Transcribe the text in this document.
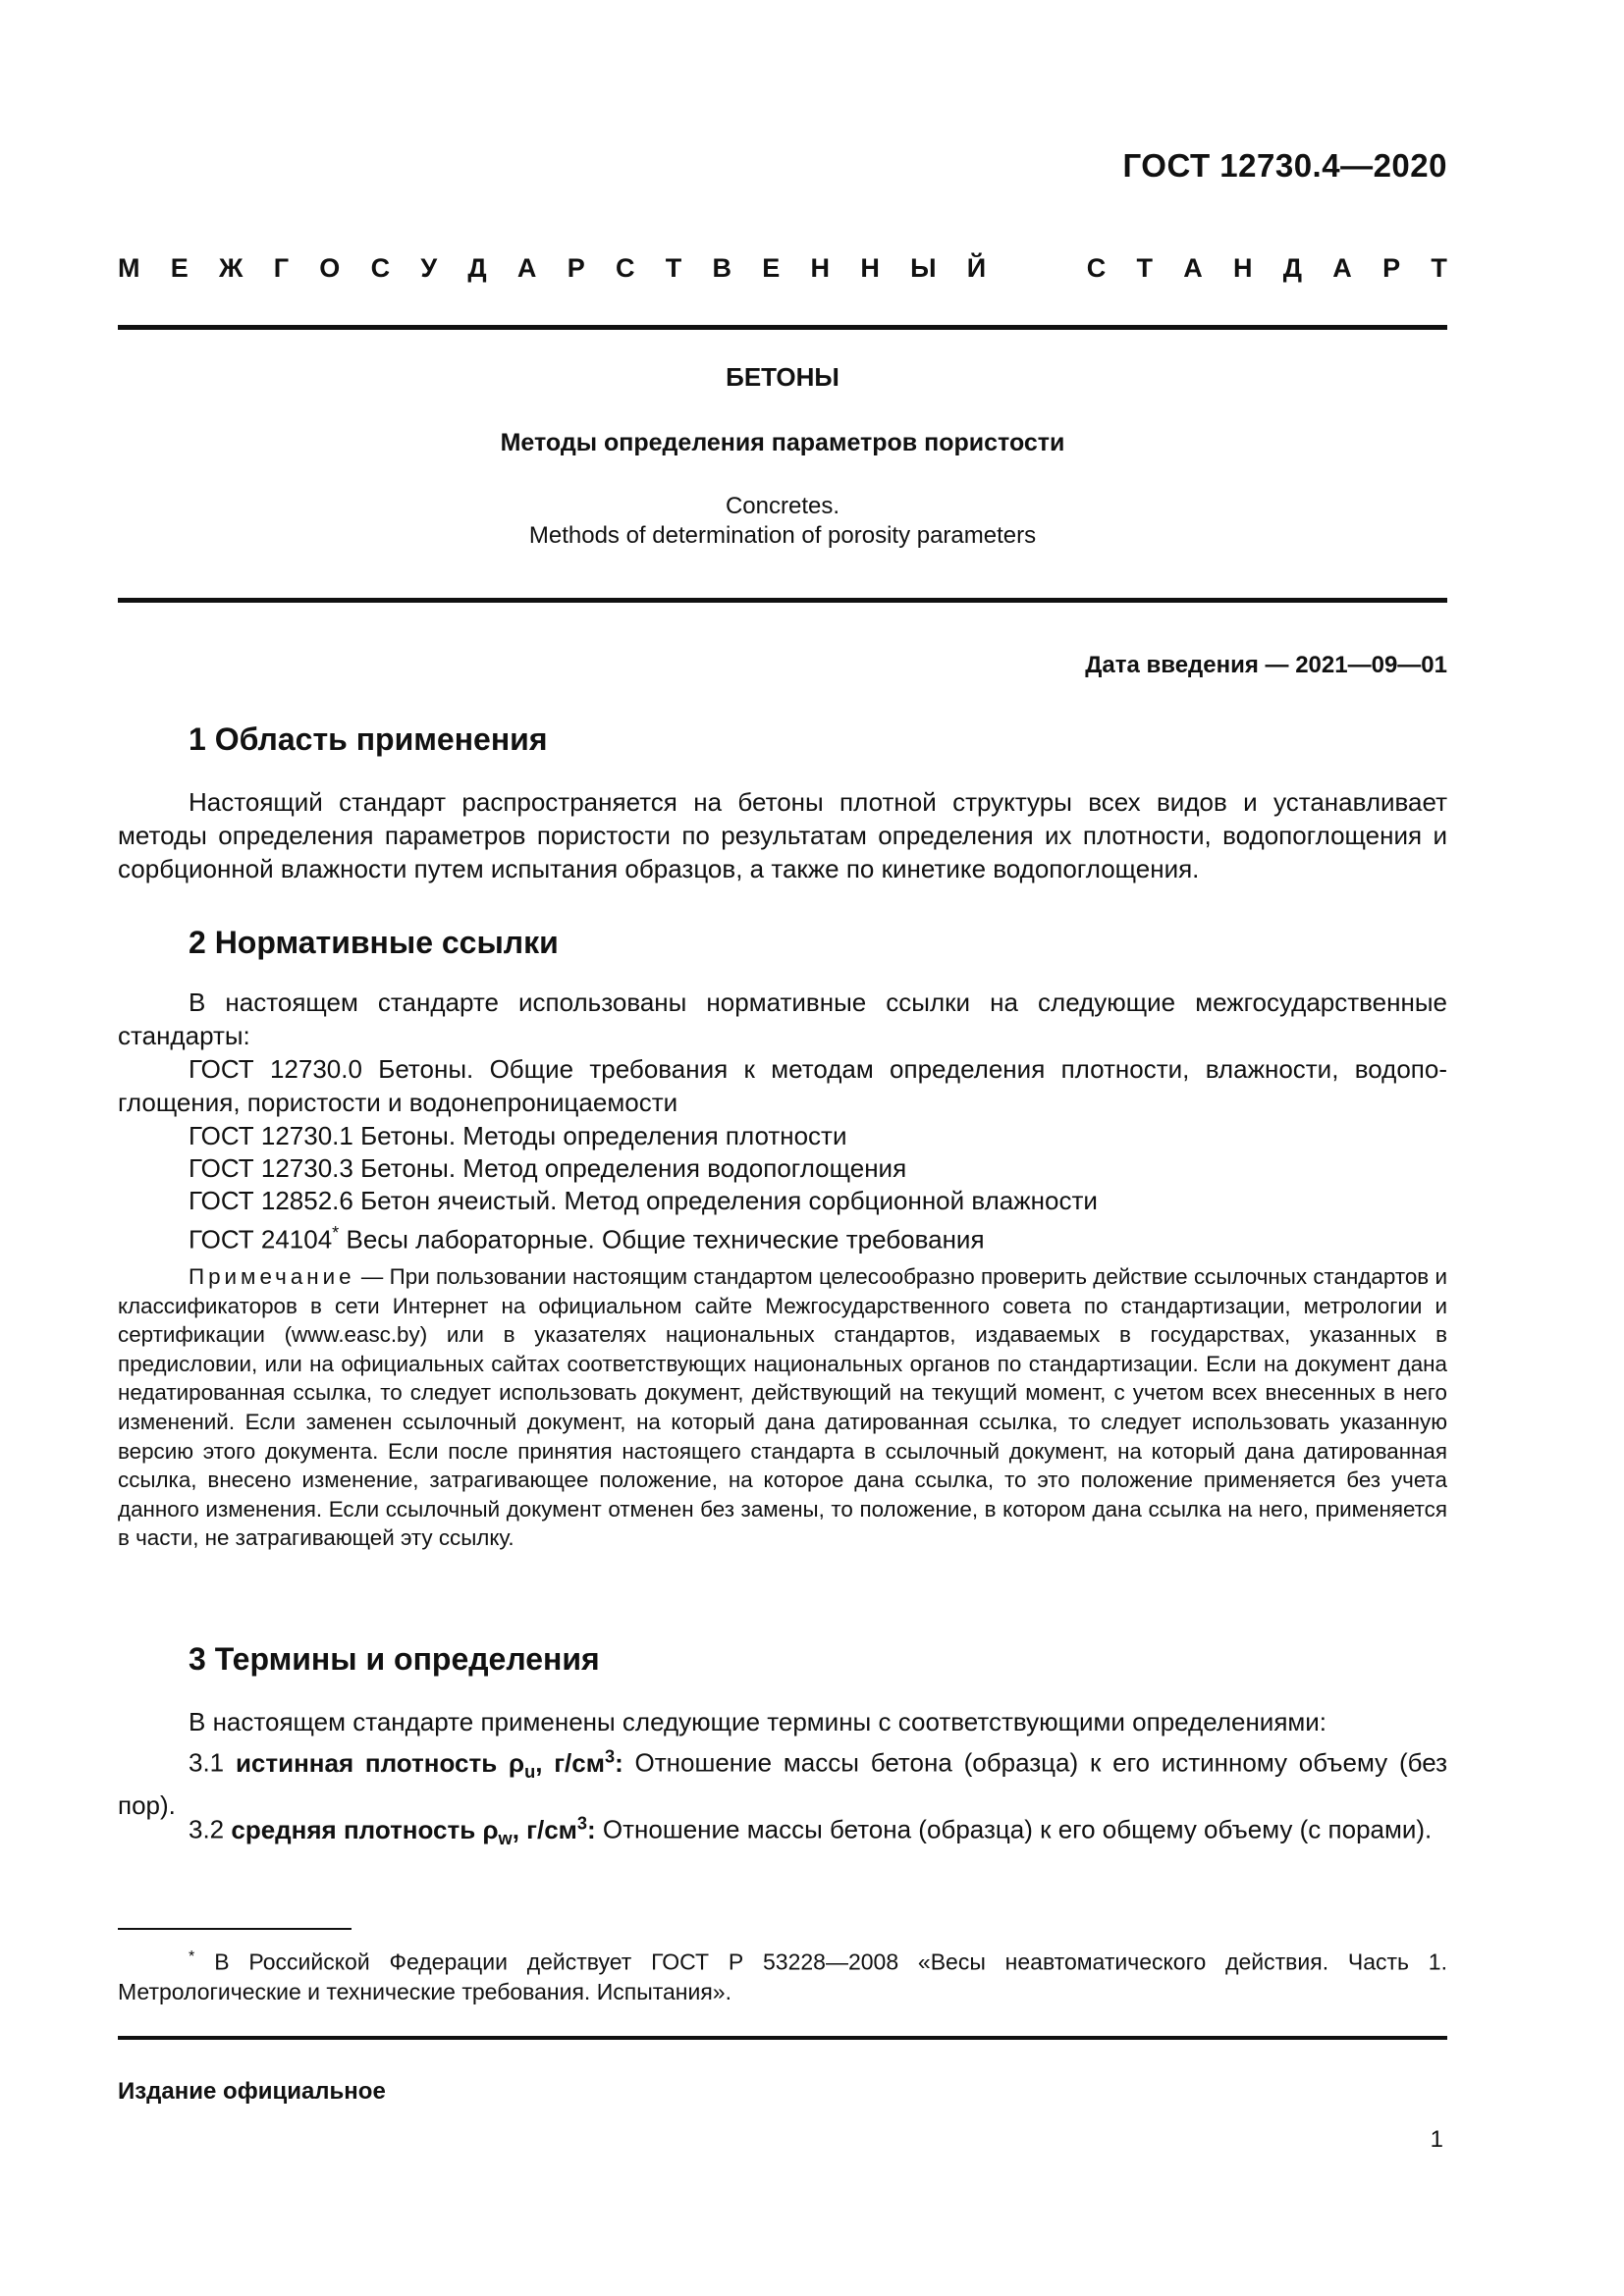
ГОСТ 12730.4—2020
М Е Ж Г О С У Д А Р С Т В Е Н Н Ы Й	С Т А Н Д А Р Т
БЕТОНЫ
Методы определения параметров пористости
Concretes.
Methods of determination of porosity parameters
Дата введения — 2021—09—01
1 Область применения
Настоящий стандарт распространяется на бетоны плотной структуры всех видов и устанавливает методы определения параметров пористости по результатам определения их плотности, водопоглощения и сорбционной влажности путем испытания образцов, а также по кинетике водопоглощения.
2 Нормативные ссылки
В настоящем стандарте использованы нормативные ссылки на следующие межгосударственные стандарты:
ГОСТ 12730.0 Бетоны. Общие требования к методам определения плотности, влажности, водопоглощения, пористости и водонепроницаемости
ГОСТ 12730.1 Бетоны. Методы определения плотности
ГОСТ 12730.3 Бетоны. Метод определения водопоглощения
ГОСТ 12852.6 Бетон ячеистый. Метод определения сорбционной влажности
ГОСТ 24104* Весы лабораторные. Общие технические требования
Примечание — При пользовании настоящим стандартом целесообразно проверить действие ссылочных стандартов и классификаторов в сети Интернет на официальном сайте Межгосударственного совета по стандартизации, метрологии и сертификации (www.easc.by) или в указателях национальных стандартов, издаваемых в государствах, указанных в предисловии, или на официальных сайтах соответствующих национальных органов по стандартизации. Если на документ дана недатированная ссылка, то следует использовать документ, действующий на текущий момент, с учетом всех внесенных в него изменений. Если заменен ссылочный документ, на который дана датированная ссылка, то следует использовать указанную версию этого документа. Если после принятия настоящего стандарта в ссылочный документ, на который дана датированная ссылка, внесено изменение, затрагивающее положение, на которое дана ссылка, то это положение применяется без учета данного изменения. Если ссылочный документ отменен без замены, то положение, в котором дана ссылка на него, применяется в части, не затрагивающей эту ссылку.
3 Термины и определения
В настоящем стандарте применены следующие термины с соответствующими определениями:
3.1 истинная плотность $\rho_u$, $г/см^3$: Отношение массы бетона (образца) к его истинному объему (без пор).
3.2 средняя плотность $\rho_w$, $г/см^3$: Отношение массы бетона (образца) к его общему объему (с порами).
* В Российской Федерации действует ГОСТ Р 53228—2008 «Весы неавтоматического действия. Часть 1. Метрологические и технические требования. Испытания».
Издание официальное
1
